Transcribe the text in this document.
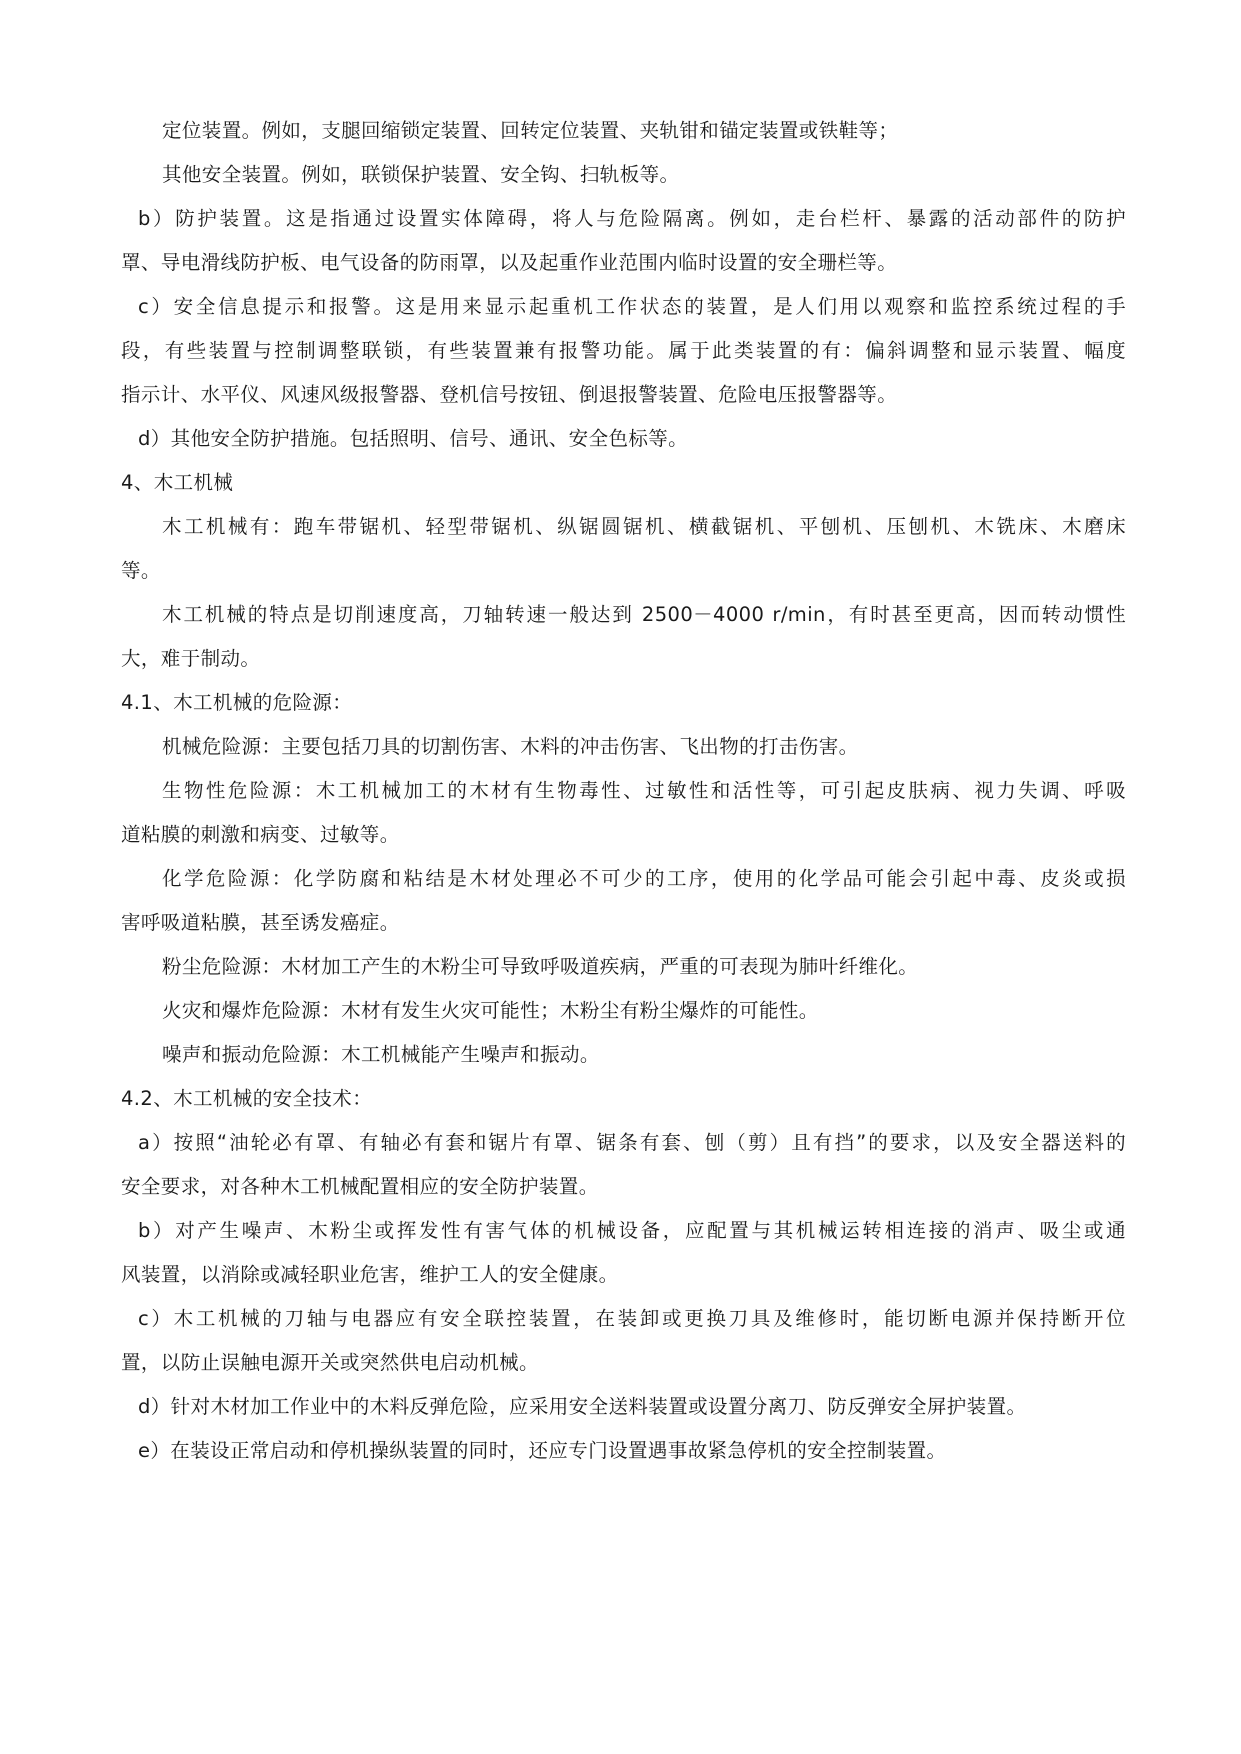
定位装置。例如，支腿回缩锁定装置、回转定位装置、夹轨钳和锚定装置或铁鞋等；
其他安全装置。例如，联锁保护装置、安全钩、扫轨板等。
b）防护装置。这是指通过设置实体障碍，将人与危险隔离。例如，走台栏杆、暴露的活动部件的防护
罩、导电滑线防护板、电气设备的防雨罩，以及起重作业范围内临时设置的安全珊栏等。
c）安全信息提示和报警。这是用来显示起重机工作状态的装置，是人们用以观察和监控系统过程的手
段，有些装置与控制调整联锁，有些装置兼有报警功能。属于此类装置的有：偏斜调整和显示装置、幅度
指示计、水平仪、风速风级报警器、登机信号按钮、倒退报警装置、危险电压报警器等。
d）其他安全防护措施。包括照明、信号、通讯、安全色标等。
4、木工机械
木工机械有：跑车带锯机、轻型带锯机、纵锯圆锯机、横截锯机、平刨机、压刨机、木铣床、木磨床
等。
木工机械的特点是切削速度高，刀轴转速一般达到 2500－4000 r/min，有时甚至更高，因而转动惯性
大，难于制动。
4.1、木工机械的危险源：
机械危险源：主要包括刀具的切割伤害、木料的冲击伤害、飞出物的打击伤害。
生物性危险源：木工机械加工的木材有生物毒性、过敏性和活性等，可引起皮肤病、视力失调、呼吸
道粘膜的刺激和病变、过敏等。
化学危险源：化学防腐和粘结是木材处理必不可少的工序，使用的化学品可能会引起中毒、皮炎或损
害呼吸道粘膜，甚至诱发癌症。
粉尘危险源：木材加工产生的木粉尘可导致呼吸道疾病，严重的可表现为肺叶纤维化。
火灾和爆炸危险源：木材有发生火灾可能性；木粉尘有粉尘爆炸的可能性。
噪声和振动危险源：木工机械能产生噪声和振动。
4.2、木工机械的安全技术：
a）按照“油轮必有罩、有轴必有套和锯片有罩、锯条有套、刨（剪）且有挡”的要求，以及安全器送料的
安全要求，对各种木工机械配置相应的安全防护装置。
b）对产生噪声、木粉尘或挥发性有害气体的机械设备，应配置与其机械运转相连接的消声、吸尘或通
风装置，以消除或减轻职业危害，维护工人的安全健康。
c）木工机械的刀轴与电器应有安全联控装置，在装卸或更换刀具及维修时，能切断电源并保持断开位
置，以防止误触电源开关或突然供电启动机械。
d）针对木材加工作业中的木料反弹危险，应采用安全送料装置或设置分离刀、防反弹安全屏护装置。
e）在装设正常启动和停机操纵装置的同时，还应专门设置遇事故紧急停机的安全控制装置。
